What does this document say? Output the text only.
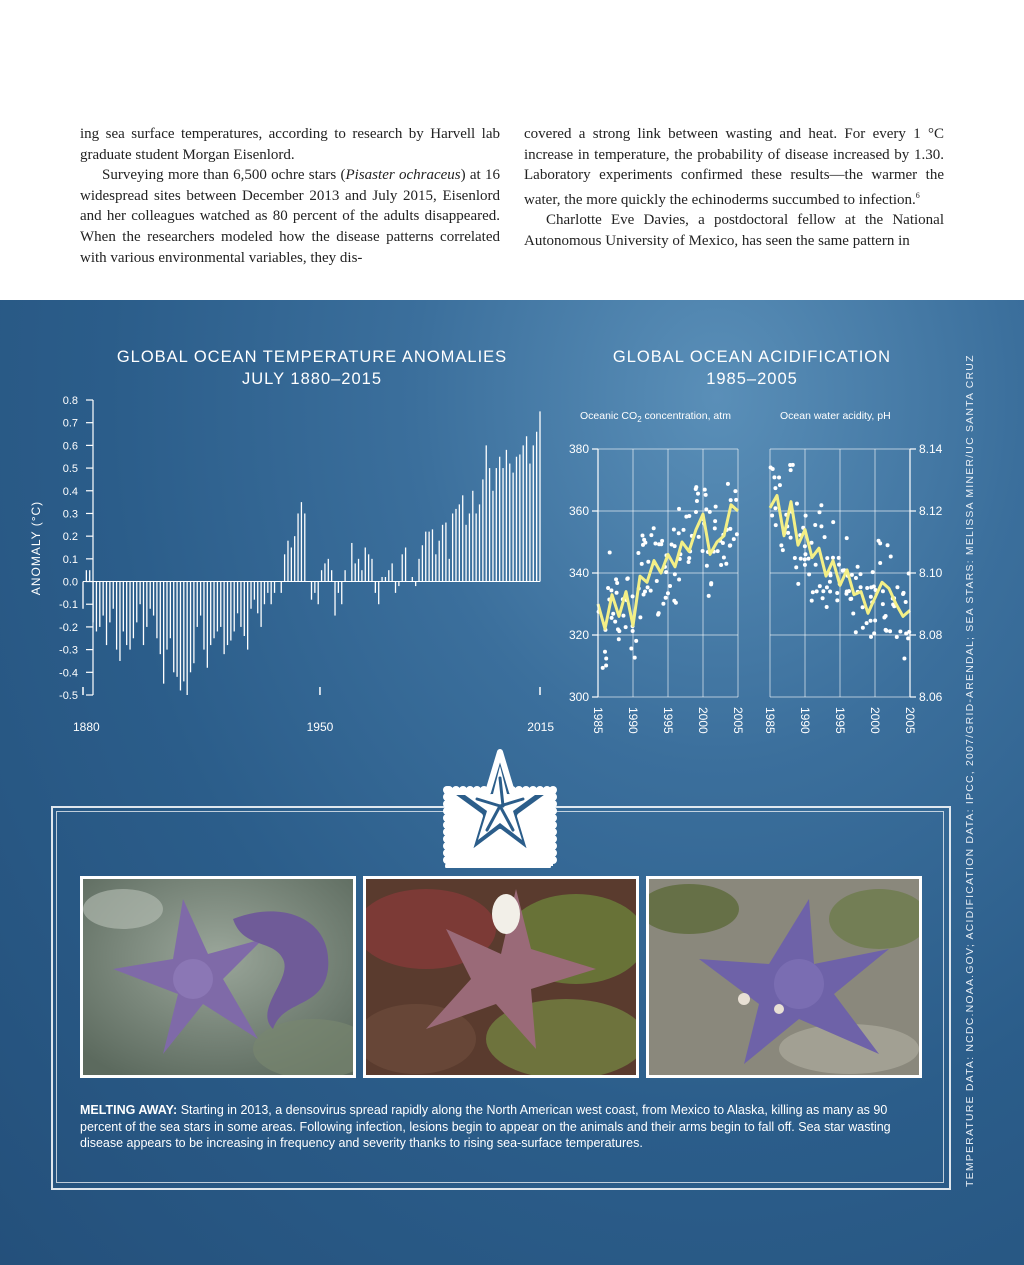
ing sea surface temperatures, according to research by Harvell lab graduate student Morgan Eisenlord.

Surveying more than 6,500 ochre stars (Pisaster ochraceus) at 16 widespread sites between December 2013 and July 2015, Eisenlord and her colleagues watched as 80 percent of the adults disappeared. When the researchers modeled how the disease patterns correlated with various environmental variables, they dis-

covered a strong link between wasting and heat. For every 1 °C increase in temperature, the probability of disease increased by 1.30. Laboratory experiments confirmed these results—the warmer the water, the more quickly the echinoderms succumbed to infection.$^6$

Charlotte Eve Davies, a postdoctoral fellow at the National Autonomous University of Mexico, has seen the same pattern in

GLOBAL OCEAN TEMPERATURE ANOMALIES
JULY 1880–2015
ANOMALY (°C)
0.8
0.7
0.6
0.5
0.4
0.3
0.2
0.1
0.0
-0.1
-0.2
-0.3
-0.4
-0.5
1880	1950	2015
GLOBAL OCEAN ACIDIFICATION
1985–2005
Oceanic $CO_2$ concentration, atm	Ocean water acidity, pH
1985 1990 1995 2000 2005
380
360
340
320
300
1985 1990 1995 2000 2005
8.14
8.12
8.10
8.08
8.06
MELTING AWAY: Starting in 2013, a densovirus spread rapidly along the North American west coast, from Mexico to Alaska, killing as many as 90 percent of the sea stars in some areas. Following infection, lesions begin to appear on the animals and their arms begin to fall off. Sea star wasting disease appears to be increasing in frequency and severity thanks to rising sea-surface temperatures.	TEMPERATURE DATA: NCDC.NOAA.GOV; ACIDIFICATION DATA: IPCC, 2007/GRID-ARENDAL; SEA STARS: MELISSA MINER/UC SANTA CRUZ
